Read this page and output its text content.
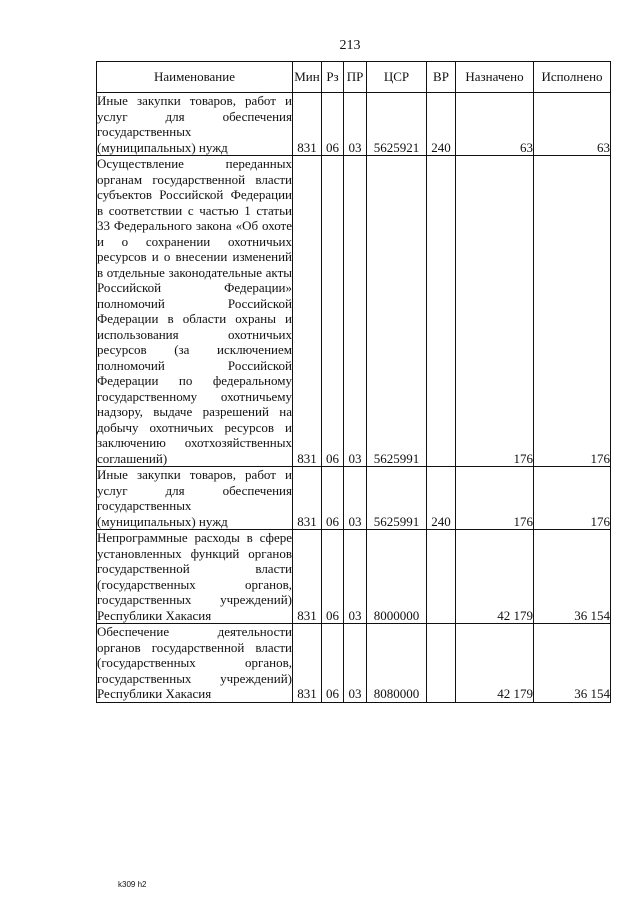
213
Наименование	Мин	Рз	ПР	ЦСР	ВР	Назначено	Исполнено
Иные закупки товаров, работ и услуг для обеспечения государственных (муниципальных) нужд	831	06	03	5625921	240	63	63
Осуществление переданных органам государственной власти субъектов Российской Федерации в соответствии с частью 1 статьи 33 Федерального закона «Об охоте и о сохранении охотничьих ресурсов и о внесении изменений в отдельные законодательные акты Российской Федерации» полномочий Российской Федерации в области охраны и использования охотничьих ресурсов (за исключением полномочий Российской Федерации по федеральному государственному охотничьему надзору, выдаче разрешений на добычу охотничьих ресурсов и заключению охотхозяйственных соглашений)	831	06	03	5625991		176	176
Иные закупки товаров, работ и услуг для обеспечения государственных (муниципальных) нужд	831	06	03	5625991	240	176	176
Непрограммные расходы в сфере установленных функций органов государственной власти (государственных органов, государственных учреждений) Республики Хакасия	831	06	03	8000000		42 179	36 154
Обеспечение деятельности органов государственной власти (государственных органов, государственных учреждений) Республики Хакасия	831	06	03	8080000		42 179	36 154
k309 h2
